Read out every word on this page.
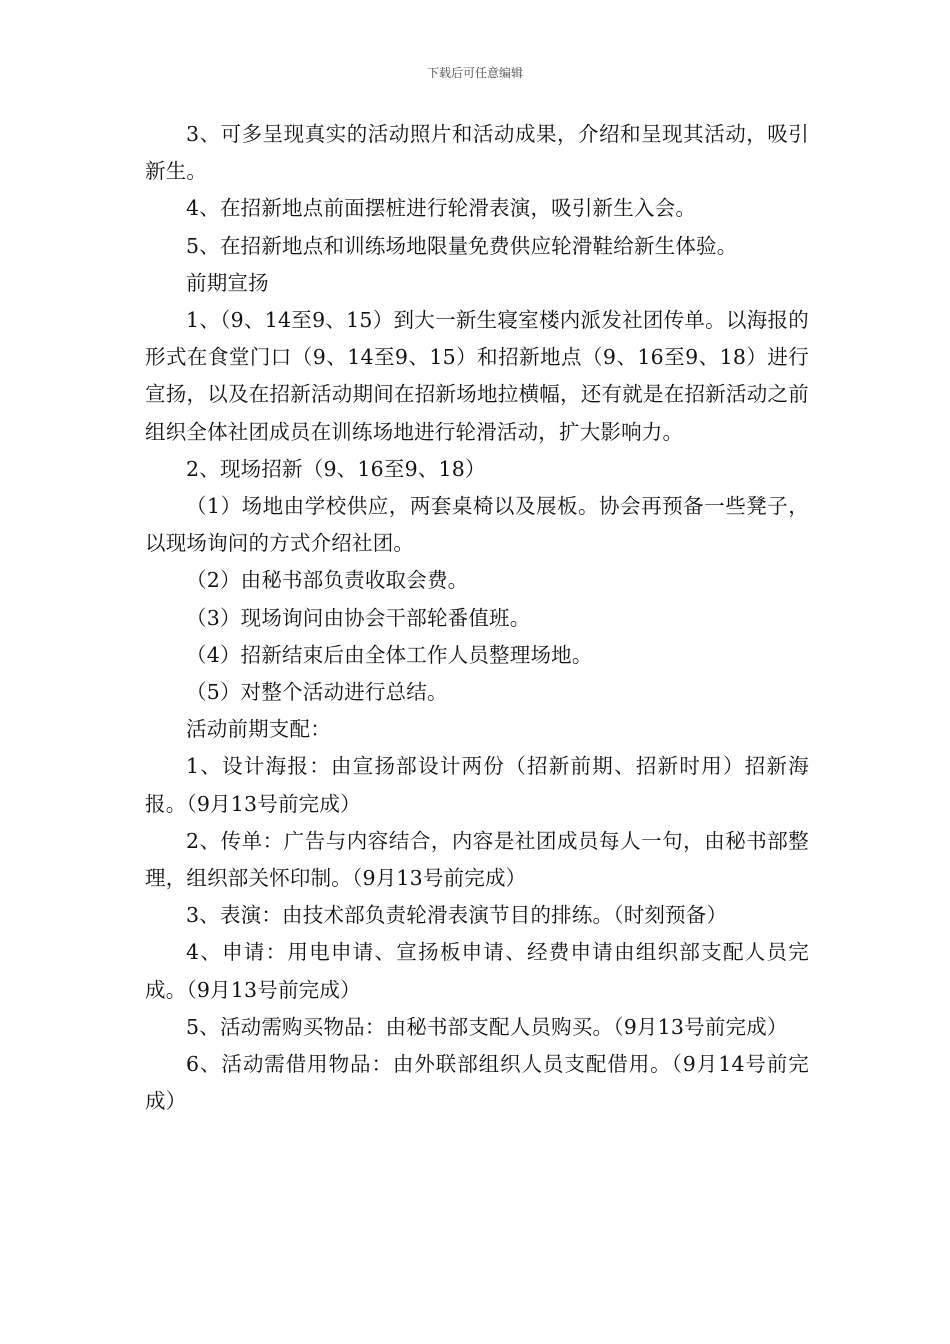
下载后可任意编辑

3、可多呈现真实的活动照片和活动成果，介绍和呈现其活动，吸引新生。

4、在招新地点前面摆桩进行轮滑表演，吸引新生入会。

5、在招新地点和训练场地限量免费供应轮滑鞋给新生体验。

前期宣扬

1、（9、14至9、15）到大一新生寝室楼内派发社团传单。以海报的形式在食堂门口（9、14至9、15）和招新地点（9、16至9、18）进行宣扬，以及在招新活动期间在招新场地拉横幅，还有就是在招新活动之前组织全体社团成员在训练场地进行轮滑活动，扩大影响力。

2、现场招新（9、16至9、18）

（1）场地由学校供应，两套桌椅以及展板。协会再预备一些凳子，以现场询问的方式介绍社团。

（2）由秘书部负责收取会费。

（3）现场询问由协会干部轮番值班。

（4）招新结束后由全体工作人员整理场地。

（5）对整个活动进行总结。

活动前期支配：

1、设计海报：由宣扬部设计两份（招新前期、招新时用）招新海报。（9月13号前完成）

2、传单：广告与内容结合，内容是社团成员每人一句，由秘书部整理，组织部关怀印制。（9月13号前完成）

3、表演：由技术部负责轮滑表演节目的排练。（时刻预备）

4、申请：用电申请、宣扬板申请、经费申请由组织部支配人员完成。（9月13号前完成）

5、活动需购买物品：由秘书部支配人员购买。（9月13号前完成）

6、活动需借用物品：由外联部组织人员支配借用。（9月14号前完成）
